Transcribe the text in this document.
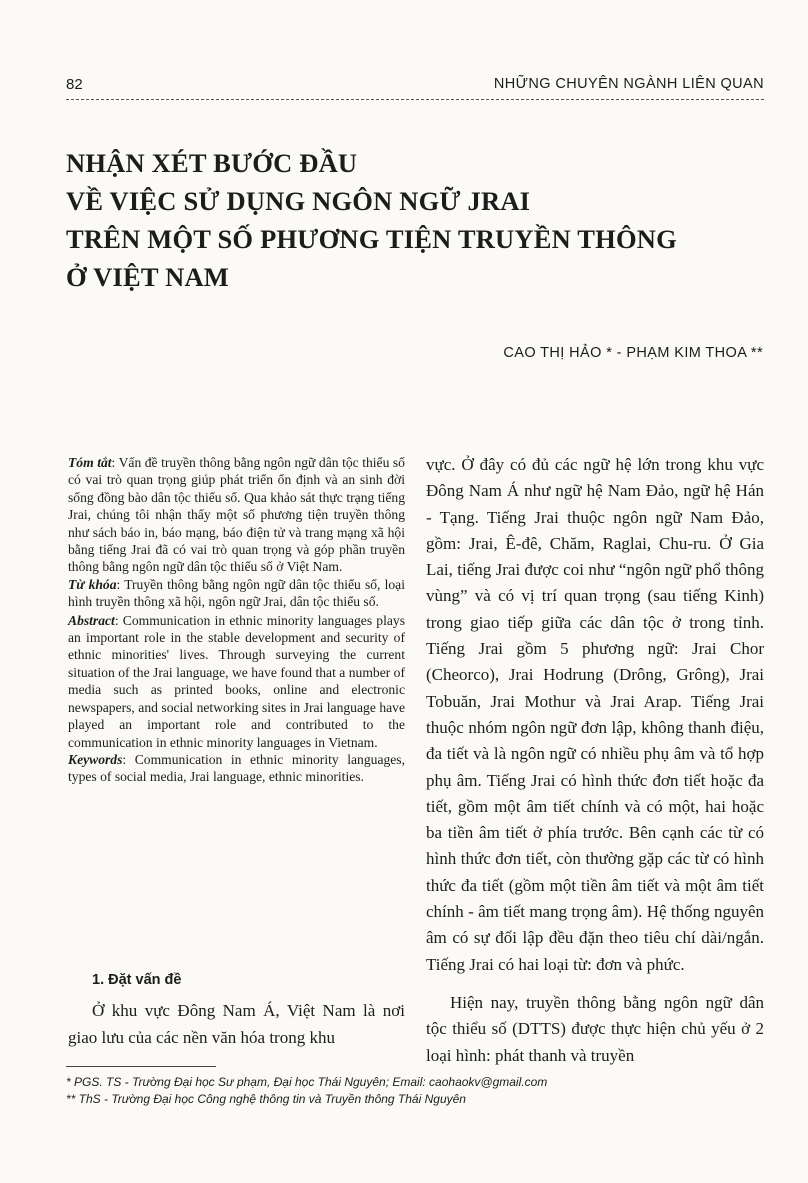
82	NHỮNG CHUYÊN NGÀNH LIÊN QUAN
NHẬN XÉT BƯỚC ĐẦU
VỀ VIỆC SỬ DỤNG NGÔN NGỮ JRAI
TRÊN MỘT SỐ PHƯƠNG TIỆN TRUYỀN THÔNG
Ở VIỆT NAM
CAO THỊ HẢO * - PHẠM KIM THOA **

Tóm tắt: Vấn đề truyền thông bằng ngôn ngữ dân tộc thiểu số có vai trò quan trọng giúp phát triển ổn định và an sinh đời sống đồng bào dân tộc thiểu số. Qua khảo sát thực trạng tiếng Jrai, chúng tôi nhận thấy một số phương tiện truyền thông như sách báo in, báo mạng, báo điện tử và trang mạng xã hội bằng tiếng Jrai đã có vai trò quan trọng và góp phần truyền thông bằng ngôn ngữ dân tộc thiểu số ở Việt Nam.

Từ khóa: Truyền thông bằng ngôn ngữ dân tộc thiểu số, loại hình truyền thông xã hội, ngôn ngữ Jrai, dân tộc thiểu số.

Abstract: Communication in ethnic minority languages plays an important role in the stable development and security of ethnic minorities' lives. Through surveying the current situation of the Jrai language, we have found that a number of media such as printed books, online and electronic newspapers, and social networking sites in Jrai language have played an important role and contributed to the communication in ethnic minority languages in Vietnam.

Keywords: Communication in ethnic minority languages, types of social media, Jrai language, ethnic minorities.

1. Đặt vấn đề

Ở khu vực Đông Nam Á, Việt Nam là nơi giao lưu của các nền văn hóa trong khu

vực. Ở đây có đủ các ngữ hệ lớn trong khu vực Đông Nam Á như ngữ hệ Nam Đảo, ngữ hệ Hán - Tạng. Tiếng Jrai thuộc ngôn ngữ Nam Đảo, gồm: Jrai, Ê-đê, Chăm, Raglai, Chu-ru. Ở Gia Lai, tiếng Jrai được coi như “ngôn ngữ phổ thông vùng” và có vị trí quan trọng (sau tiếng Kinh) trong giao tiếp giữa các dân tộc ở trong tỉnh. Tiếng Jrai gồm 5 phương ngữ: Jrai Chor (Cheorco), Jrai Hodrung (Drông, Grông), Jrai Tobuăn, Jrai Mothur và Jrai Arap. Tiếng Jrai thuộc nhóm ngôn ngữ đơn lập, không thanh điệu, đa tiết và là ngôn ngữ có nhiều phụ âm và tổ hợp phụ âm. Tiếng Jrai có hình thức đơn tiết hoặc đa tiết, gồm một âm tiết chính và có một, hai hoặc ba tiền âm tiết ở phía trước. Bên cạnh các từ có hình thức đơn tiết, còn thường gặp các từ có hình thức đa tiết (gồm một tiền âm tiết và một âm tiết chính - âm tiết mang trọng âm). Hệ thống nguyên âm có sự đối lập đều đặn theo tiêu chí dài/ngắn. Tiếng Jrai có hai loại từ: đơn và phức.

Hiện nay, truyền thông bằng ngôn ngữ dân tộc thiểu số (DTTS) được thực hiện chủ yếu ở 2 loại hình: phát thanh và truyền

* PGS. TS - Trường Đại học Sư phạm, Đại học Thái Nguyên; Email: caohaokv@gmail.com

** ThS - Trường Đại học Công nghệ thông tin và Truyền thông Thái Nguyên
